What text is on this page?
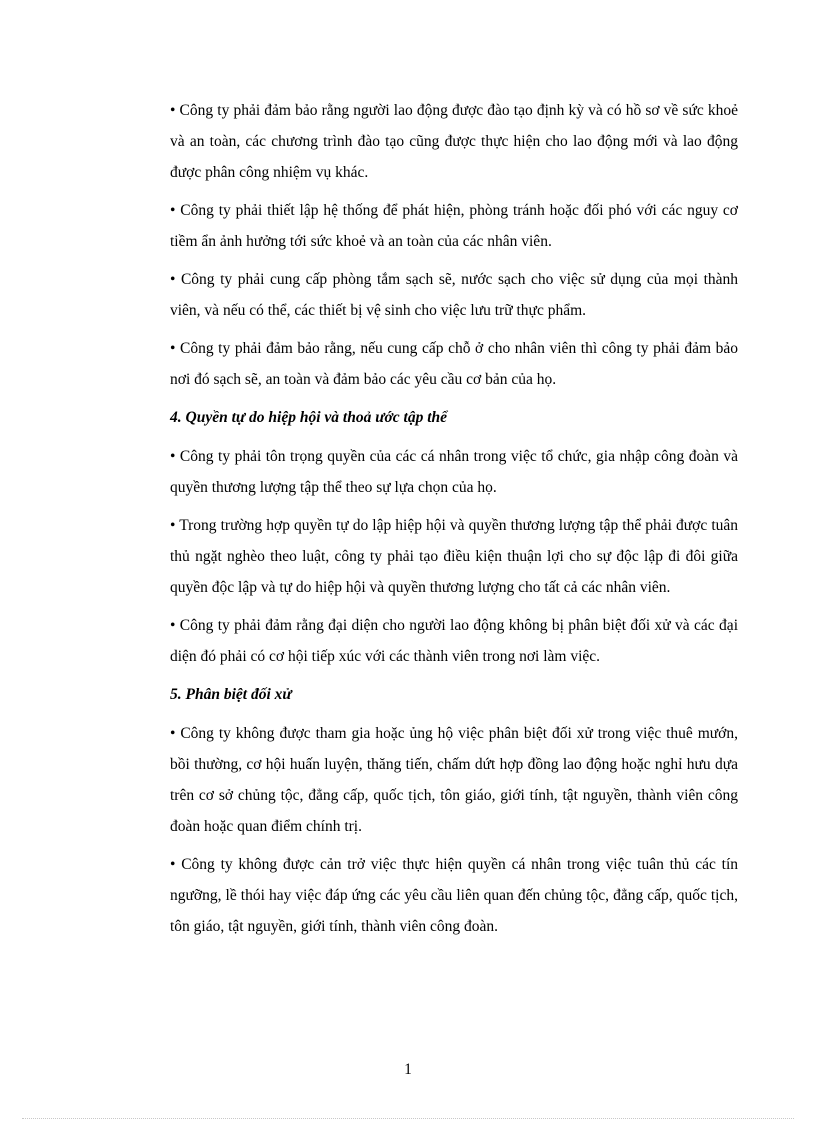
• Công ty phải đảm bảo rằng người lao động được đào tạo định kỳ và có hồ sơ về sức khoẻ và an toàn, các chương trình đào tạo cũng được thực hiện cho lao động mới và lao động được phân công nhiệm vụ khác.

• Công ty phải thiết lập hệ thống để phát hiện, phòng tránh hoặc đối phó với các nguy cơ tiềm ẩn ảnh hưởng tới sức khoẻ và an toàn của các nhân viên.

• Công ty phải cung cấp phòng tắm sạch sẽ, nước sạch cho việc sử dụng của mọi thành viên, và nếu có thể, các thiết bị vệ sinh cho việc lưu trữ thực phẩm.

• Công ty phải đảm bảo rằng, nếu cung cấp chỗ ở cho nhân viên thì công ty phải đảm bảo nơi đó sạch sẽ, an toàn và đảm bảo các yêu cầu cơ bản của họ.

4. Quyền tự do hiệp hội và thoả ước tập thể

• Công ty phải tôn trọng quyền của các cá nhân trong việc tổ chức, gia nhập công đoàn và quyền thương lượng tập thể theo sự lựa chọn của họ.

• Trong trường hợp quyền tự do lập hiệp hội và quyền thương lượng tập thể phải được tuân thủ ngặt nghèo theo luật, công ty phải tạo điều kiện thuận lợi cho sự độc lập đi đôi giữa quyền độc lập và tự do hiệp hội và quyền thương lượng cho tất cả các nhân viên.

• Công ty phải đảm rằng đại diện cho người lao động không bị phân biệt đối xử và các đại diện đó phải có cơ hội tiếp xúc với các thành viên trong nơi làm việc.

5. Phân biệt đối xử

• Công ty không được tham gia hoặc ủng hộ việc phân biệt đối xử trong việc thuê mướn, bồi thường, cơ hội huấn luyện, thăng tiến, chấm dứt hợp đồng lao động hoặc nghỉ hưu dựa trên cơ sở chủng tộc, đẳng cấp, quốc tịch, tôn giáo, giới tính, tật nguyền, thành viên công đoàn hoặc quan điểm chính trị.

• Công ty không được cản trở việc thực hiện quyền cá nhân trong việc tuân thủ các tín ngưỡng, lề thói hay việc đáp ứng các yêu cầu liên quan đến chủng tộc, đẳng cấp, quốc tịch, tôn giáo, tật nguyền, giới tính, thành viên công đoàn.

1
